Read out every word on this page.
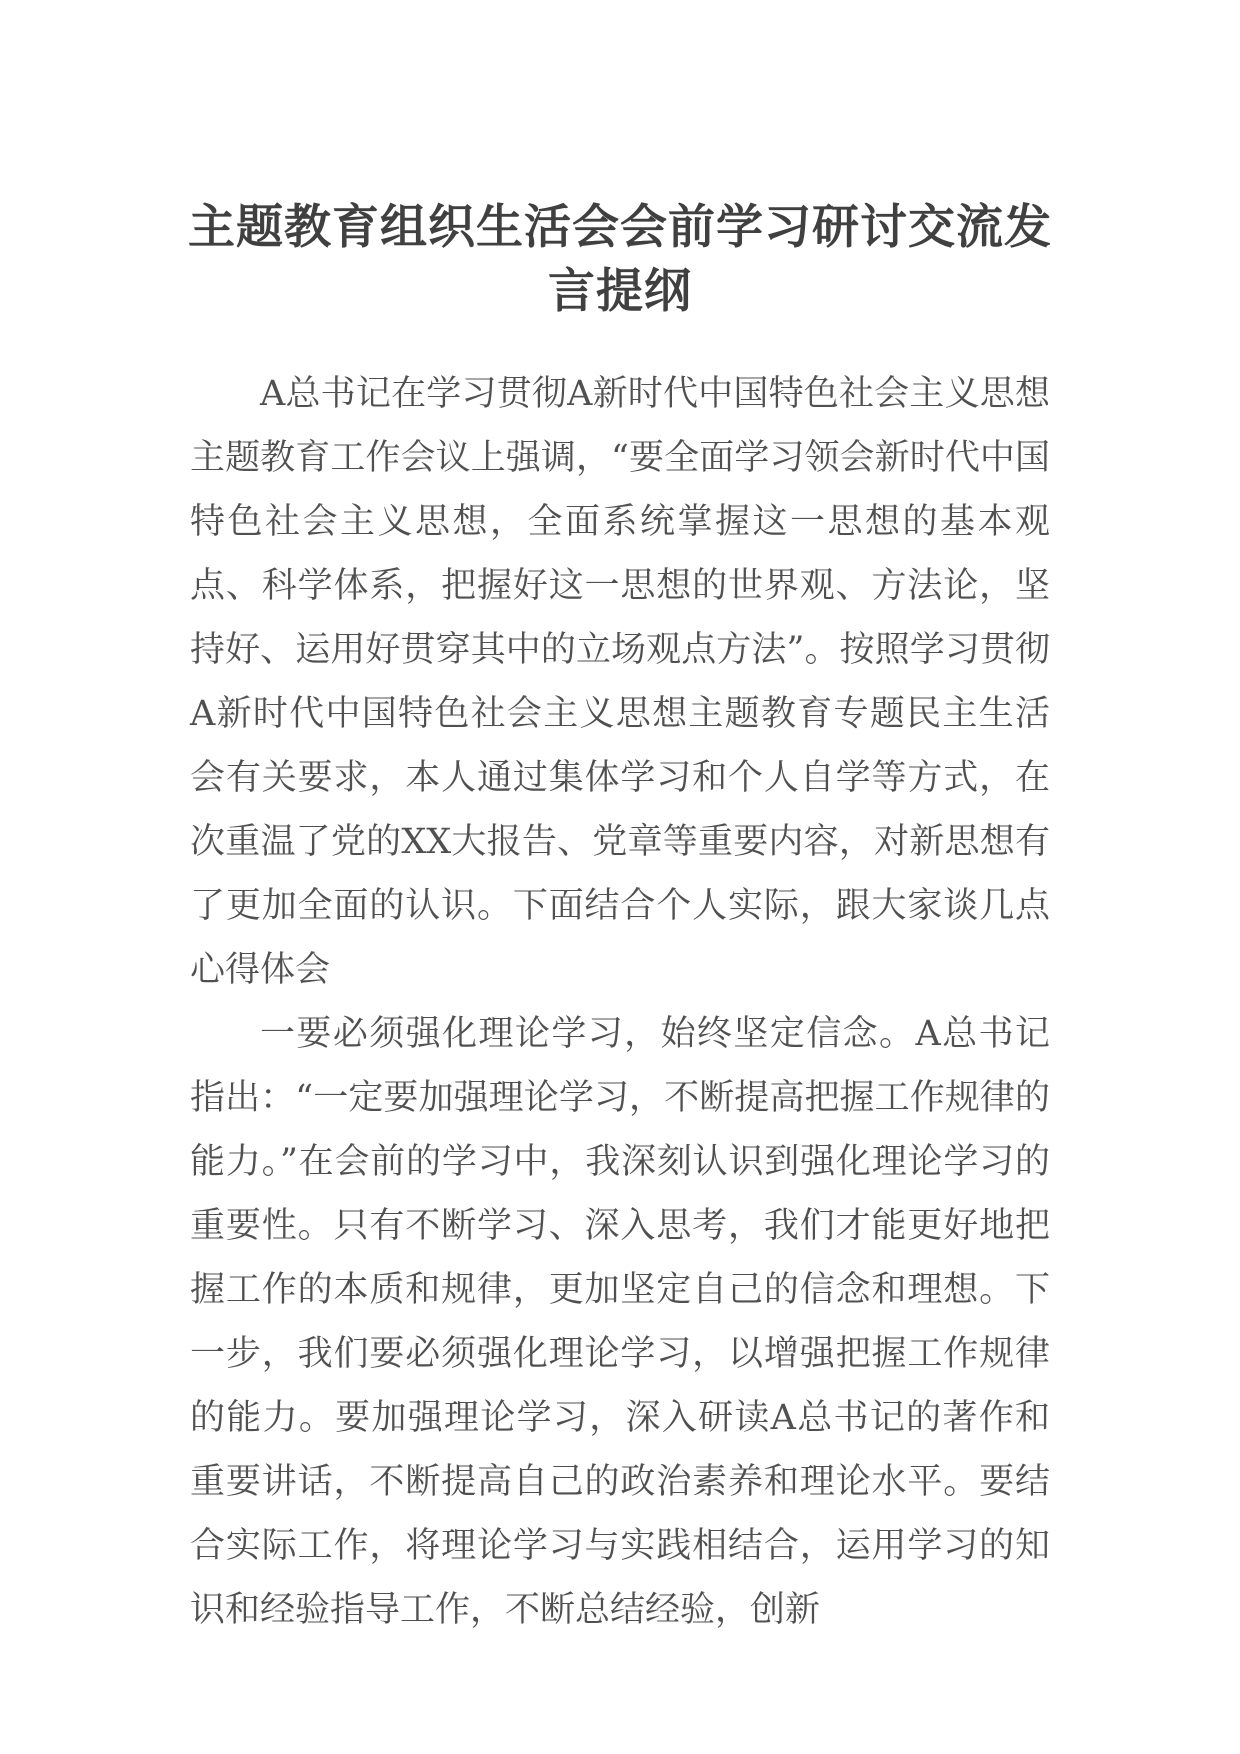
主题教育组织生活会会前学习研讨交流发言提纲

A总书记在学习贯彻A新时代中国特色社会主义思想主题教育工作会议上强调，“要全面学习领会新时代中国特色社会主义思想，全面系统掌握这一思想的基本观点、科学体系，把握好这一思想的世界观、方法论，坚持好、运用好贯穿其中的立场观点方法”。按照学习贯彻A新时代中国特色社会主义思想主题教育专题民主生活会有关要求，本人通过集体学习和个人自学等方式，在次重温了党的XX大报告、党章等重要内容，对新思想有了更加全面的认识。下面结合个人实际，跟大家谈几点心得体会

一要必须强化理论学习，始终坚定信念。A总书记指出：“一定要加强理论学习，不断提高把握工作规律的能力。”在会前的学习中，我深刻认识到强化理论学习的重要性。只有不断学习、深入思考，我们才能更好地把握工作的本质和规律，更加坚定自己的信念和理想。下一步，我们要必须强化理论学习，以增强把握工作规律的能力。要加强理论学习，深入研读A总书记的著作和重要讲话，不断提高自己的政治素养和理论水平。要结合实际工作，将理论学习与实践相结合，运用学习的知识和经验指导工作，不断总结经验，创新
